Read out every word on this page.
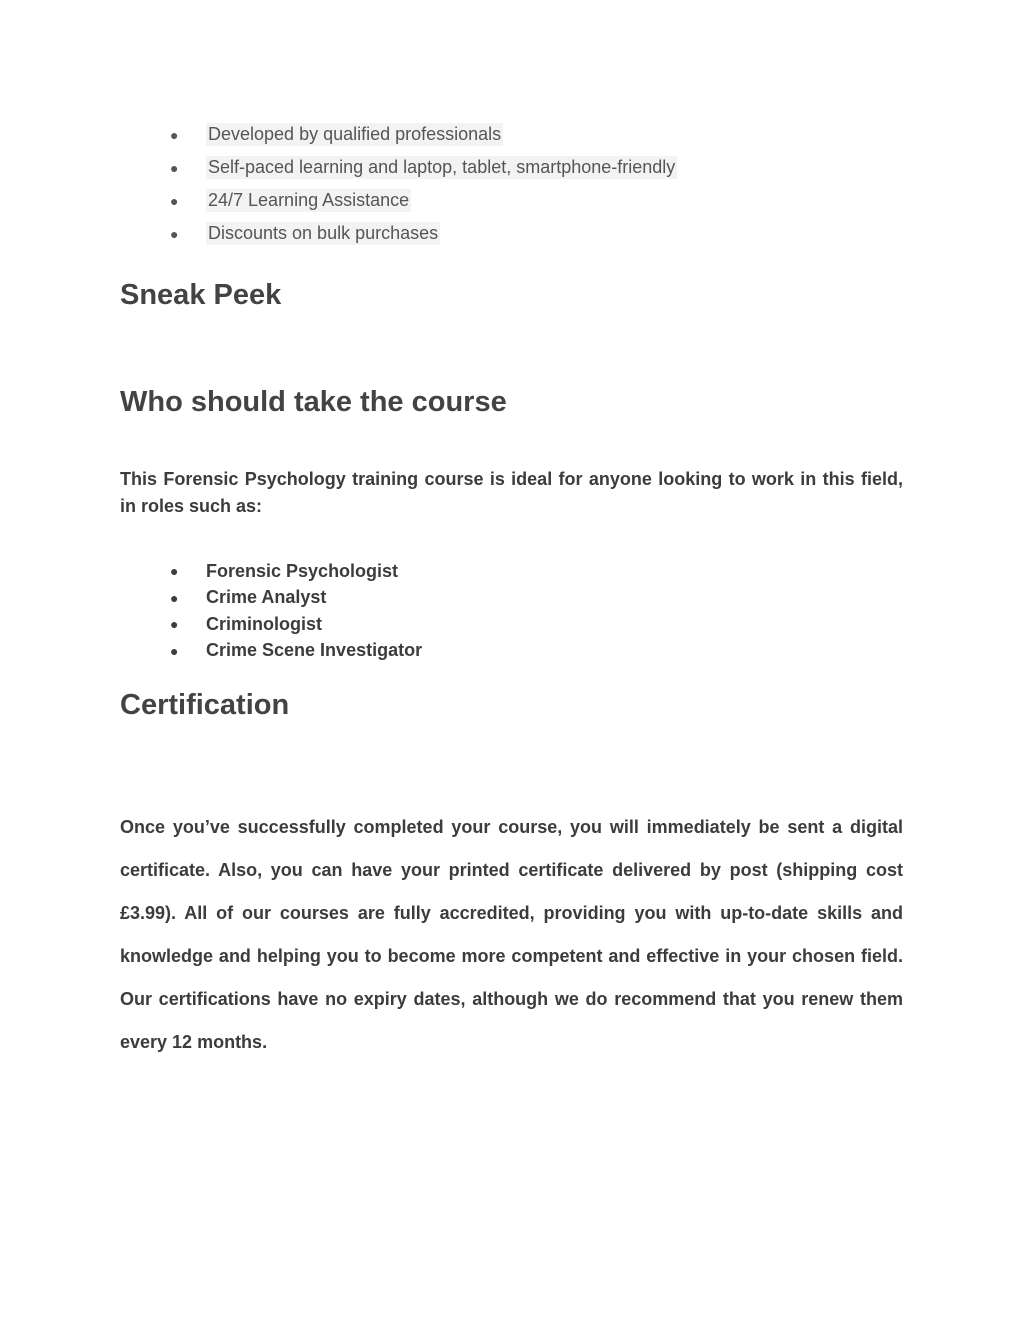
●	Developed by qualified professionals
●	Self-paced learning and laptop, tablet, smartphone-friendly
●	24/7 Learning Assistance
●	Discounts on bulk purchases
Sneak Peek
Who should take the course

This Forensic Psychology training course is ideal for anyone looking to work in this field, in roles such as:

●	Forensic Psychologist
●	Crime Analyst
●	Criminologist
●	Crime Scene Investigator
Certification

Once you’ve successfully completed your course, you will immediately be sent a digital certificate. Also, you can have your printed certificate delivered by post (shipping cost £3.99). All of our courses are fully accredited, providing you with up-to-date skills and knowledge and helping you to become more competent and effective in your chosen field. Our certifications have no expiry dates, although we do recommend that you renew them every 12 months.
